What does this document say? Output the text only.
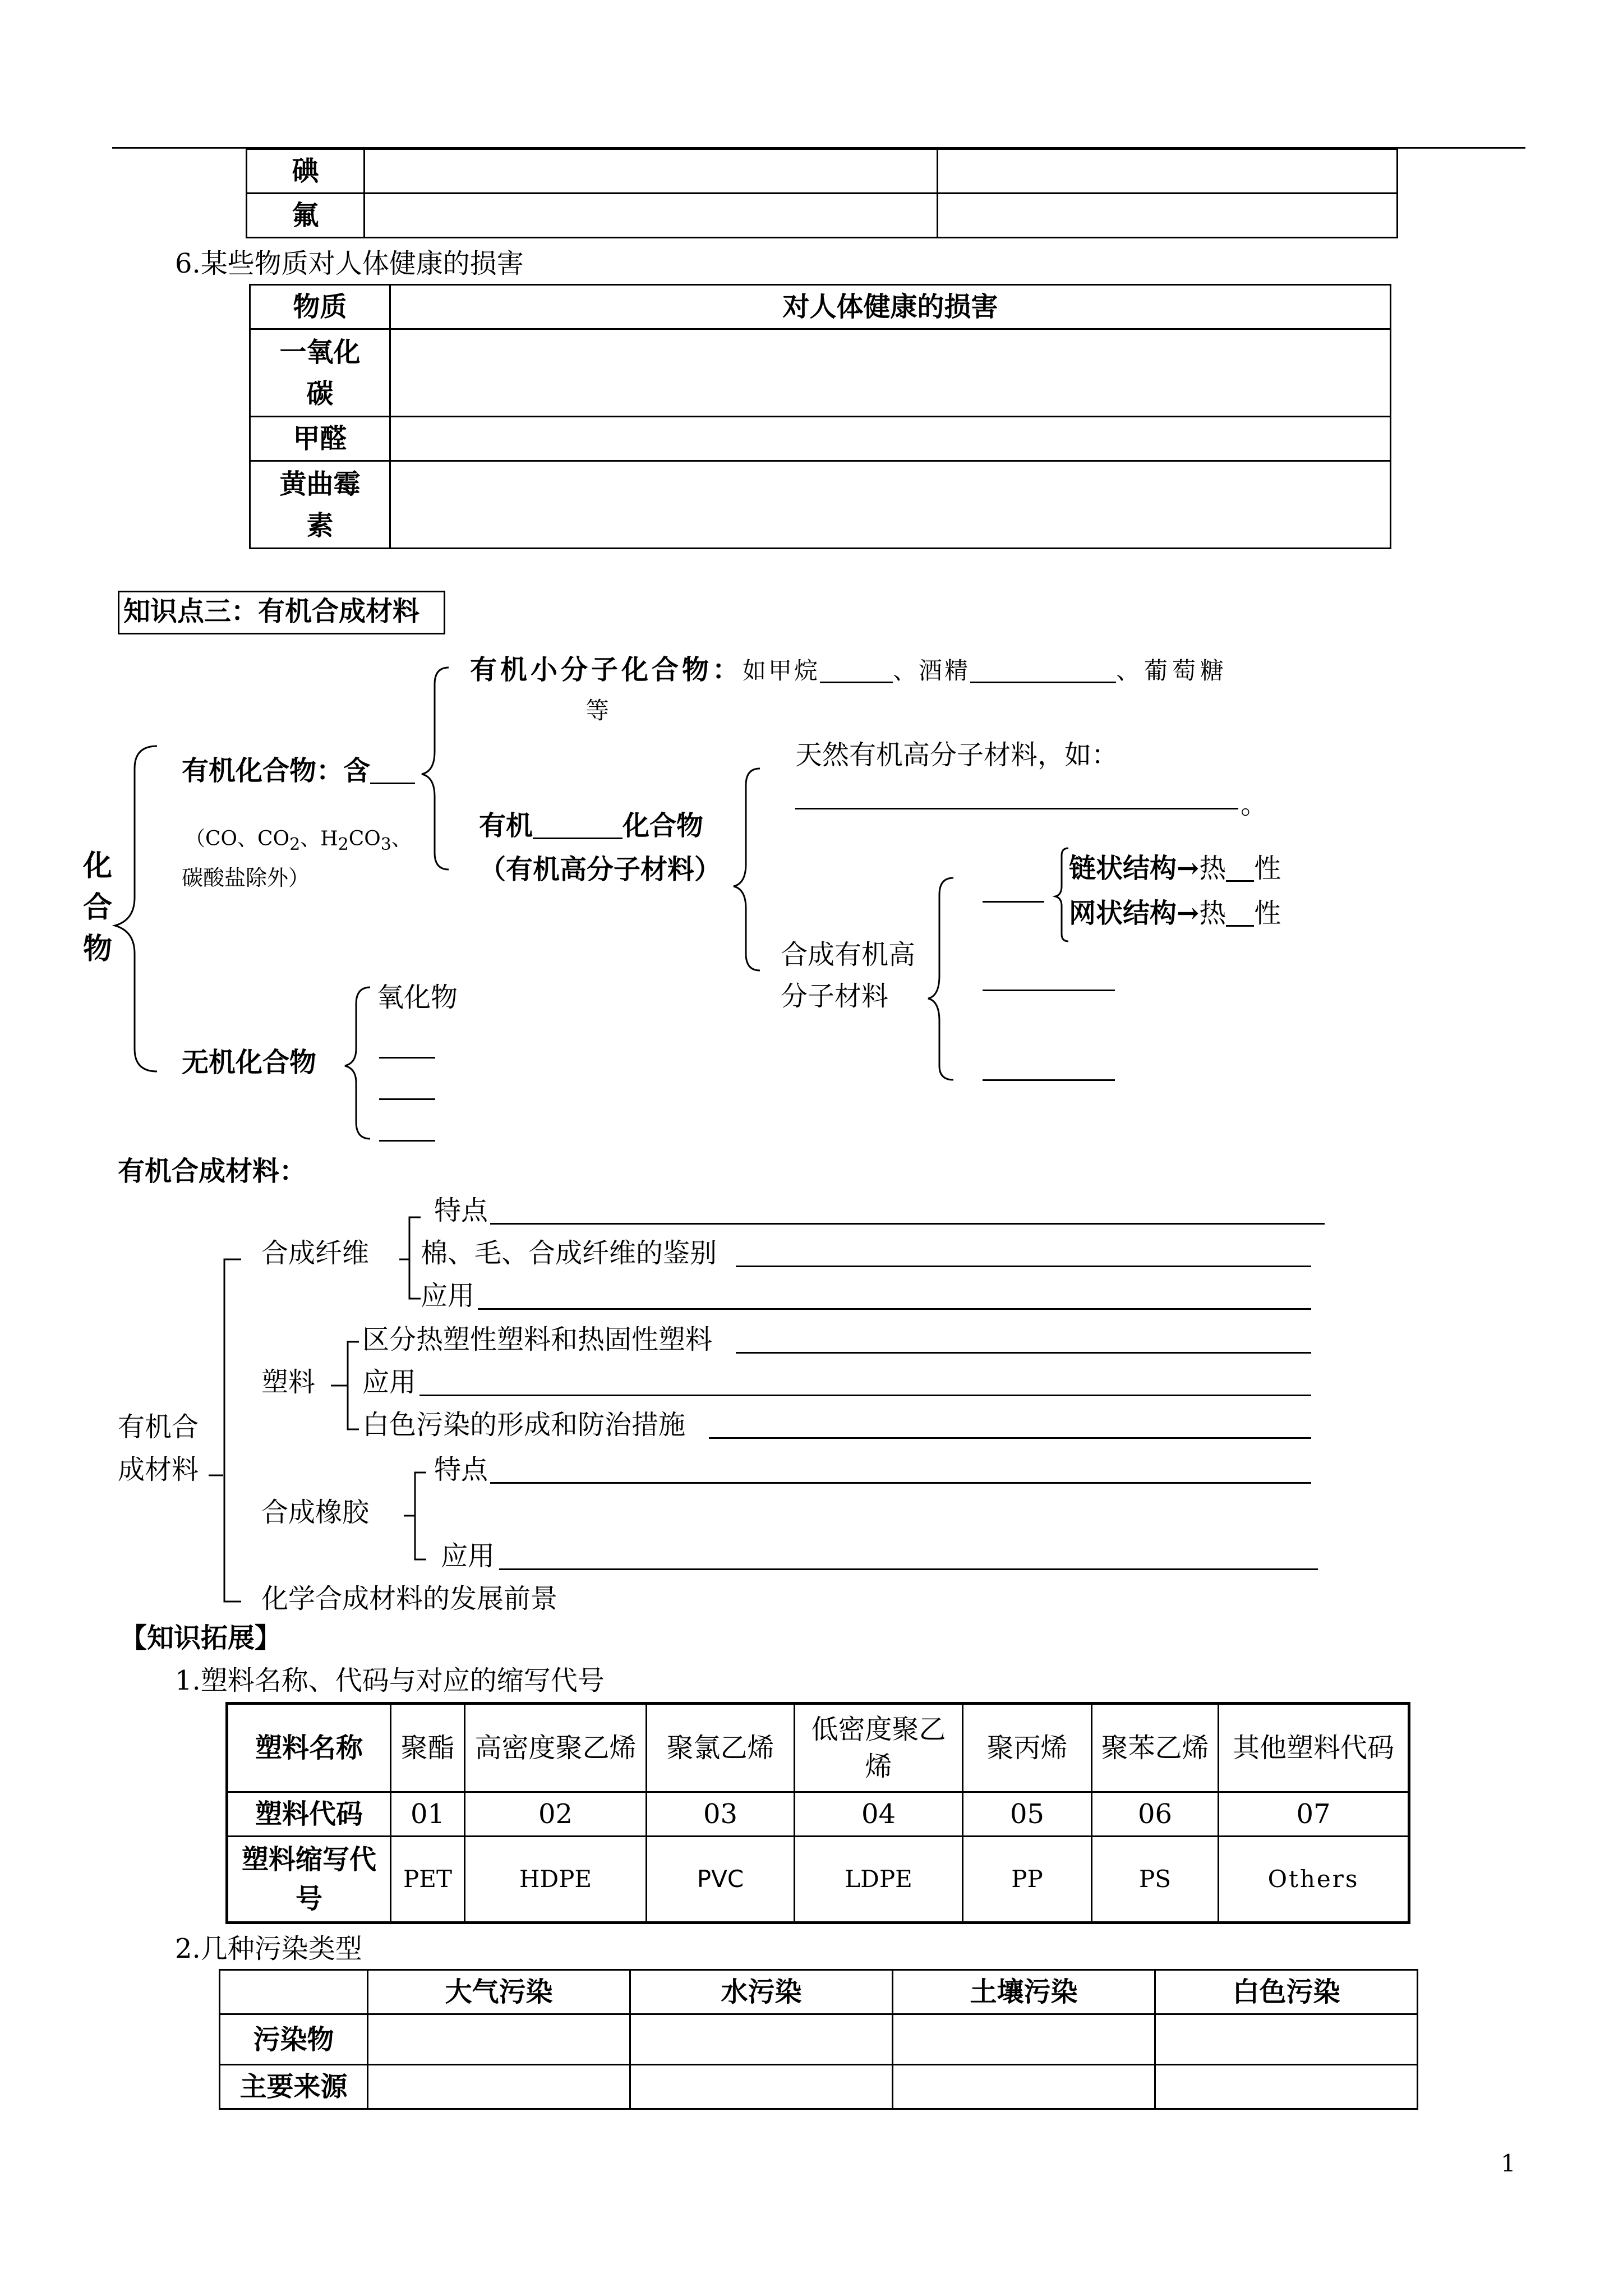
碘		
氟		
6.某些物质对人体健康的损害
物质	对人体健康的损害

一氧化
碳	

甲醛	

黄曲霉
素	

知识点三：有机合成材料
化
合
物
有机化合物：含
（CO、$CO_2$、$H_2CO_3$、
碳酸盐除外）
有机小分子化合物：如甲烷	、酒精	、葡萄糖
等
有机	化合物
（有机高分子材料）
天然有机高分子材料，如：
。
合成有机高
分子材料
链状结构→热 性
网状结构→热 性
无机化合物
氧化物
有机合成材料：
有机合
成材料
合成纤维
特点
棉、毛、合成纤维的鉴别
应用
塑料
区分热塑性塑料和热固性塑料
应用
白色污染的形成和防治措施
合成橡胶
特点
应用
化学合成材料的发展前景
【知识拓展】
1.塑料名称、代码与对应的缩写代号
塑料名称	聚酯	高密度聚乙烯	聚氯乙烯	低密度聚乙烯	聚丙烯	聚苯乙烯	其他塑料代码
塑料代码	01	02	03	04	05	06	07
塑料缩写代号	PET	HDPE	PVC	LDPE	PP	PS	Others
2.几种污染类型
	大气污染	水污染	土壤污染	白色污染
污染物				
主要来源				
1
